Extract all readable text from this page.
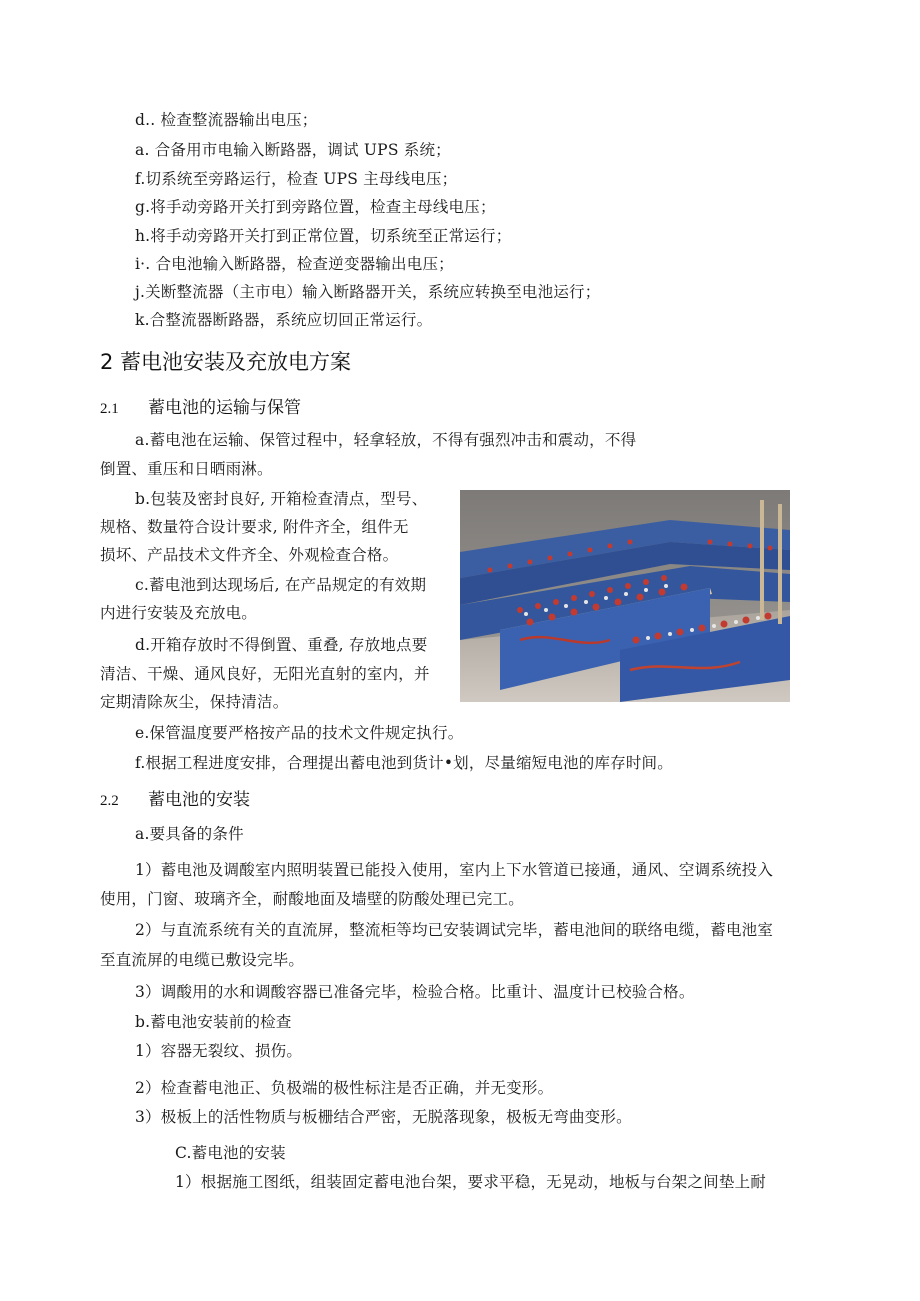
d.. 检查整流器输出电压；
a. 合备用市电输入断路器，调试 UPS 系统；
f.切系统至旁路运行，检查 UPS 主母线电压；
g.将手动旁路开关打到旁路位置，检查主母线电压；
h.将手动旁路开关打到正常位置，切系统至正常运行；
i·. 合电池输入断路器，检查逆变器输出电压；
j.关断整流器（主市电）输入断路器开关，系统应转换至电池运行；
k.合整流器断路器，系统应切回正常运行。
2 蓄电池安装及充放电方案
2.1 蓄电池的运输与保管
a.蓄电池在运输、保管过程中，轻拿轻放，不得有强烈冲击和震动，不得
倒置、重压和日晒雨淋。
b.包装及密封良好, 开箱检查清点，型号、
规格、数量符合设计要求, 附件齐全，组件无
损坏、产品技术文件齐全、外观检查合格。
c.蓄电池到达现场后, 在产品规定的有效期
内进行安装及充放电。
d.开箱存放时不得倒置、重叠, 存放地点要
清洁、干燥、通风良好，无阳光直射的室内，并
定期清除灰尘，保持清洁。
e.保管温度要严格按产品的技术文件规定执行。
f.根据工程进度安排，合理提出蓄电池到货计•划，尽量缩短电池的库存时间。
2.2 蓄电池的安装
a.要具备的条件
1）蓄电池及调酸室内照明装置已能投入使用，室内上下水管道已接通，通风、空调系统投入
使用，门窗、玻璃齐全，耐酸地面及墙壁的防酸处理已完工。
2）与直流系统有关的直流屏，整流柜等均已安装调试完毕，蓄电池间的联络电缆，蓄电池室
至直流屏的电缆已敷设完毕。
3）调酸用的水和调酸容器已准备完毕，检验合格。比重计、温度计已校验合格。
b.蓄电池安装前的检查
1）容器无裂纹、损伤。
2）检查蓄电池正、负极端的极性标注是否正确，并无变形。
3）极板上的活性物质与板栅结合严密，无脱落现象，极板无弯曲变形。
C.蓄电池的安装
1）根据施工图纸，组装固定蓄电池台架，要求平稳，无晃动，地板与台架之间垫上耐
